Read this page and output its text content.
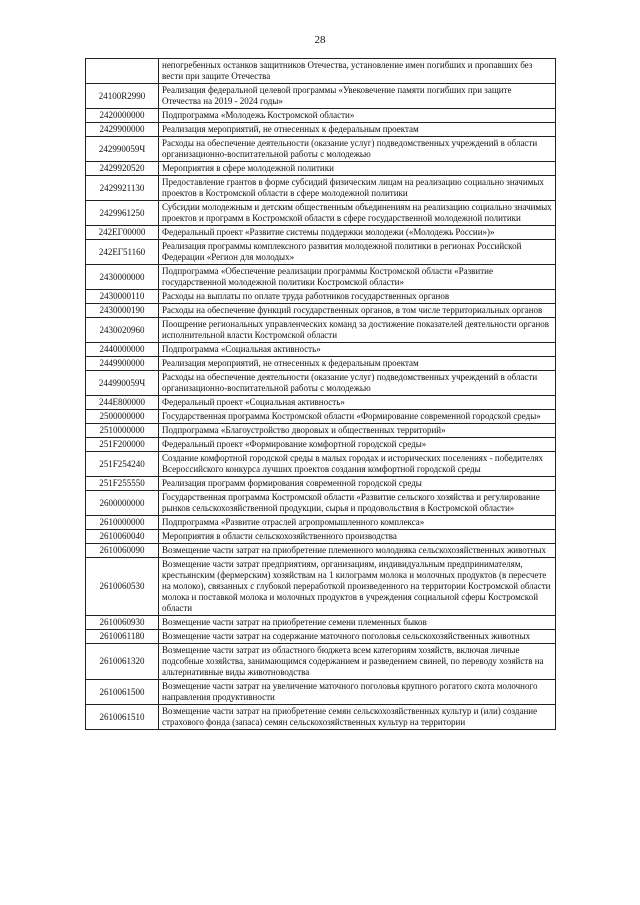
28
	непогребенных останков защитников Отечества, установление имен погибших и пропавших без вести при защите Отечества
24100R2990	Реализация федеральной целевой программы «Увековечение памяти погибших при защите Отечества на 2019 - 2024 годы»
2420000000	Подпрограмма «Молодежь Костромской области»
2429900000	Реализация мероприятий, не отнесенных к федеральным проектам
242990059Ч	Расходы на обеспечение деятельности (оказание услуг) подведомственных учреждений в области организационно-воспитательной работы с молодежью
2429920520	Мероприятия в сфере молодежной политики
2429921130	Предоставление грантов в форме субсидий физическим лицам на реализацию социально значимых проектов в Костромской области в сфере молодежной политики
2429961250	Субсидии молодежным и детским общественным объединениям на реализацию социально значимых проектов и программ в Костромской области в сфере государственной молодежной политики
242ЕГ00000	Федеральный проект «Развитие системы поддержки молодежи («Молодежь России»)»
242ЕГ51160	Реализация программы комплексного развития молодежной политики в регионах Российской Федерации «Регион для молодых»
2430000000	Подпрограмма «Обеспечение реализации программы Костромской области «Развитие государственной молодежной политики Костромской области»
2430000110	Расходы на выплаты по оплате труда работников государственных органов
2430000190	Расходы на обеспечение функций государственных органов, в том числе территориальных органов
2430020960	Поощрение региональных управленческих команд за достижение показателей деятельности органов исполнительной власти Костромской области
2440000000	Подпрограмма «Социальная активность»
2449900000	Реализация мероприятий, не отнесенных к федеральным проектам
244990059Ч	Расходы на обеспечение деятельности (оказание услуг) подведомственных учреждений в области организационно-воспитательной работы с молодежью
244E800000	Федеральный проект «Социальная активность»
2500000000	Государственная программа Костромской области «Формирование современной городской среды»
2510000000	Подпрограмма «Благоустройство дворовых и общественных территорий»
251F200000	Федеральный проект «Формирование комфортной городской среды»
251F254240	Создание комфортной городской среды в малых городах и исторических поселениях - победителях Всероссийского конкурса лучших проектов создания комфортной городской среды
251F255550	Реализация программ формирования современной городской среды
2600000000	Государственная программа Костромской области «Развитие сельского хозяйства и регулирование рынков сельскохозяйственной продукции, сырья и продовольствия в Костромской области»
2610000000	Подпрограмма «Развитие отраслей агропромышленного комплекса»
2610060040	Мероприятия в области сельскохозяйственного производства
2610060090	Возмещение части затрат на приобретение племенного молодняка сельскохозяйственных животных
2610060530	Возмещение части затрат предприятиям, организациям, индивидуальным предпринимателям, крестьянским (фермерским) хозяйствам на 1 килограмм молока и молочных продуктов (в пересчете на молоко), связанных с глубокой переработкой произведенного на территории Костромской области молока и поставкой молока и молочных продуктов в учреждения социальной сферы Костромской области
2610060930	Возмещение части затрат на приобретение семени племенных быков
2610061180	Возмещение части затрат на содержание маточного поголовья сельскохозяйственных животных
2610061320	Возмещение части затрат из областного бюджета всем категориям хозяйств, включая личные подсобные хозяйства, занимающимся содержанием и разведением свиней, по переводу хозяйств на альтернативные виды животноводства
2610061500	Возмещение части затрат на увеличение маточного поголовья крупного рогатого скота молочного направления продуктивности
2610061510	Возмещение части затрат на приобретение семян сельскохозяйственных культур и (или) создание страхового фонда (запаса) семян сельскохозяйственных культур на территории
